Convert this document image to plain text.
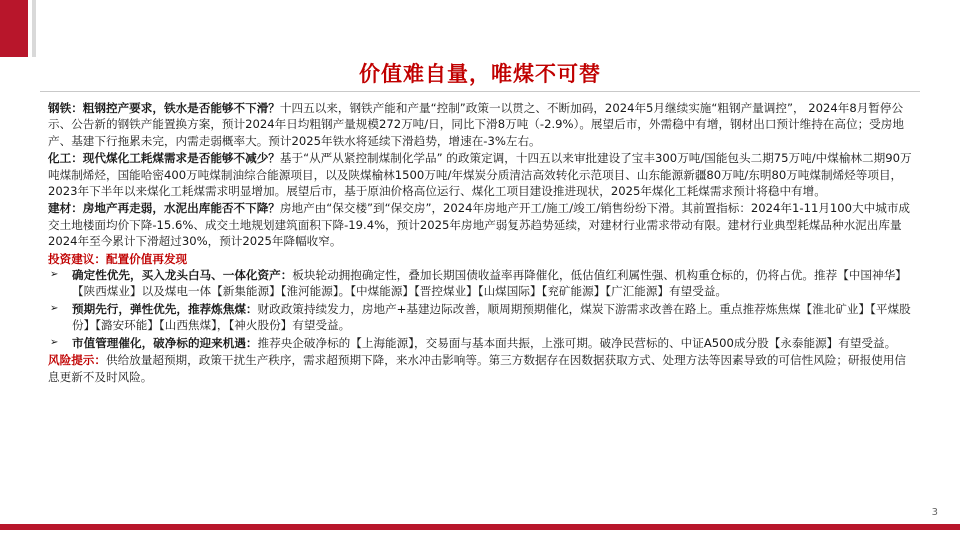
价值难自量，唯煤不可替

钢铁：粗钢控产要求，铁水是否能够不下滑？十四五以来，钢铁产能和产量“控制”政策一以贯之、不断加码，2024年5月继续实施“粗钢产量调控”， 2024年8月暂停公示、公告新的钢铁产能置换方案，预计2024年日均粗钢产量规模272万吨/日，同比下滑8万吨（-2.9%）。展望后市，外需稳中有增，钢材出口预计维持在高位；受房地产、基建下行拖累未完，内需走弱概率大。预计2025年铁水将延续下滑趋势，增速在-3%左右。

化工：现代煤化工耗煤需求是否能够不减少？基于“从严从紧控制煤制化学品” 的政策定调，十四五以来审批建设了宝丰300万吨/国能包头二期75万吨/中煤榆林二期90万吨煤制烯烃，国能哈密400万吨煤制油综合能源项目，以及陕煤榆林1500万吨/年煤炭分质清洁高效转化示范项目、山东能源新疆80万吨/东明80万吨煤制烯烃等项目，2023年下半年以来煤化工耗煤需求明显增加。展望后市，基于原油价格高位运行、煤化工项目建设推进现状，2025年煤化工耗煤需求预计将稳中有增。

建材：房地产再走弱，水泥出库能否不下降？房地产由“保交楼”到“保交房”，2024年房地产开工/施工/竣工/销售纷纷下滑。其前置指标：2024年1-11月100大中城市成交土地楼面均价下降-15.6%、成交土地规划建筑面积下降-19.4%，预计2025年房地产弱复苏趋势延续，对建材行业需求带动有限。建材行业典型耗煤品种水泥出库量2024年至今累计下滑超过30%，预计2025年降幅收窄。

投资建议：配置价值再发现

➢ 确定性优先，买入龙头白马、一体化资产：板块轮动拥抱确定性，叠加长期国债收益率再降催化，低估值红利属性强、机构重仓标的，仍将占优。推荐【中国神华】【陕西煤业】以及煤电一体【新集能源】【淮河能源】。【中煤能源】【晋控煤业】【山煤国际】【兖矿能源】【广汇能源】有望受益。

➢ 预期先行，弹性优先，推荐炼焦煤：财政政策持续发力，房地产+基建边际改善，顺周期预期催化，煤炭下游需求改善在路上。重点推荐炼焦煤【淮北矿业】【平煤股份】【潞安环能】【山西焦煤】，【神火股份】有望受益。

➢ 市值管理催化，破净标的迎来机遇：推荐央企破净标的【上海能源】，交易面与基本面共振，上涨可期。破净民营标的、中证A500成分股【永泰能源】有望受益。

风险提示：供给放量超预期，政策干扰生产秩序，需求超预期下降，来水冲击影响等。第三方数据存在因数据获取方式、处理方法等因素导致的可信性风险；研报使用信息更新不及时风险。

3
